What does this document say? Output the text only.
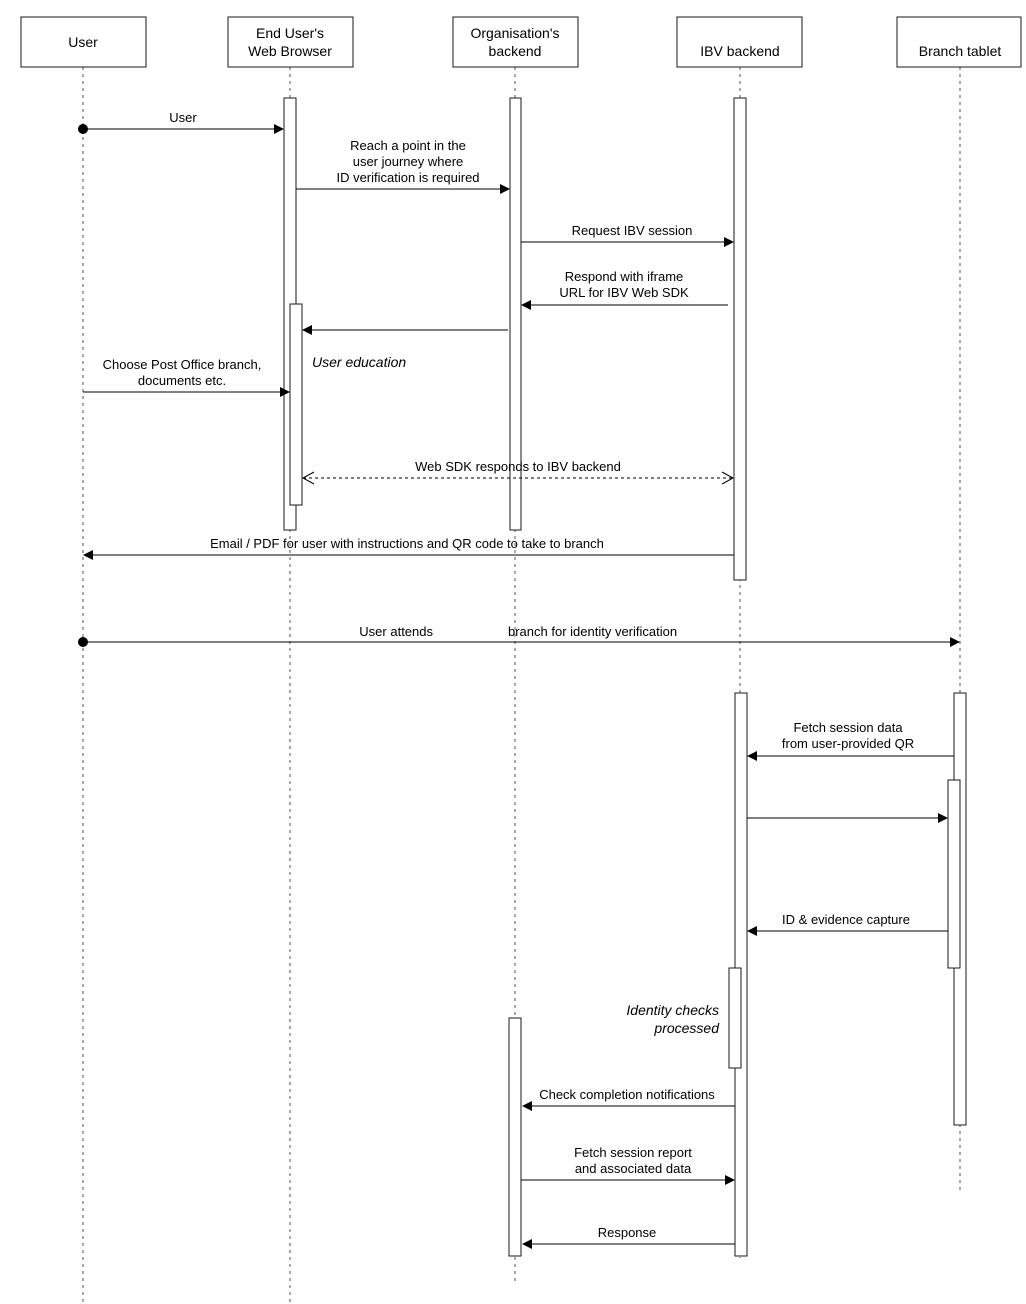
User
End User's
Web Browser
Organisation's
backend	IBV backend	Branch tablet
User
Reach a point in the
user journey where
ID verification is required
Request IBV session
Respond with iframe
URL for IBV Web SDK
User education
Choose Post Office branch,
documents etc.
Web SDK responds to IBV backend
Email / PDF for user with instructions and QR code to take to branch
User attends	branch for identity verification
Fetch session data
from user-provided QR
ID & evidence capture
Identity checks
processed
Check completion notifications
Fetch session report
and associated data
Response
